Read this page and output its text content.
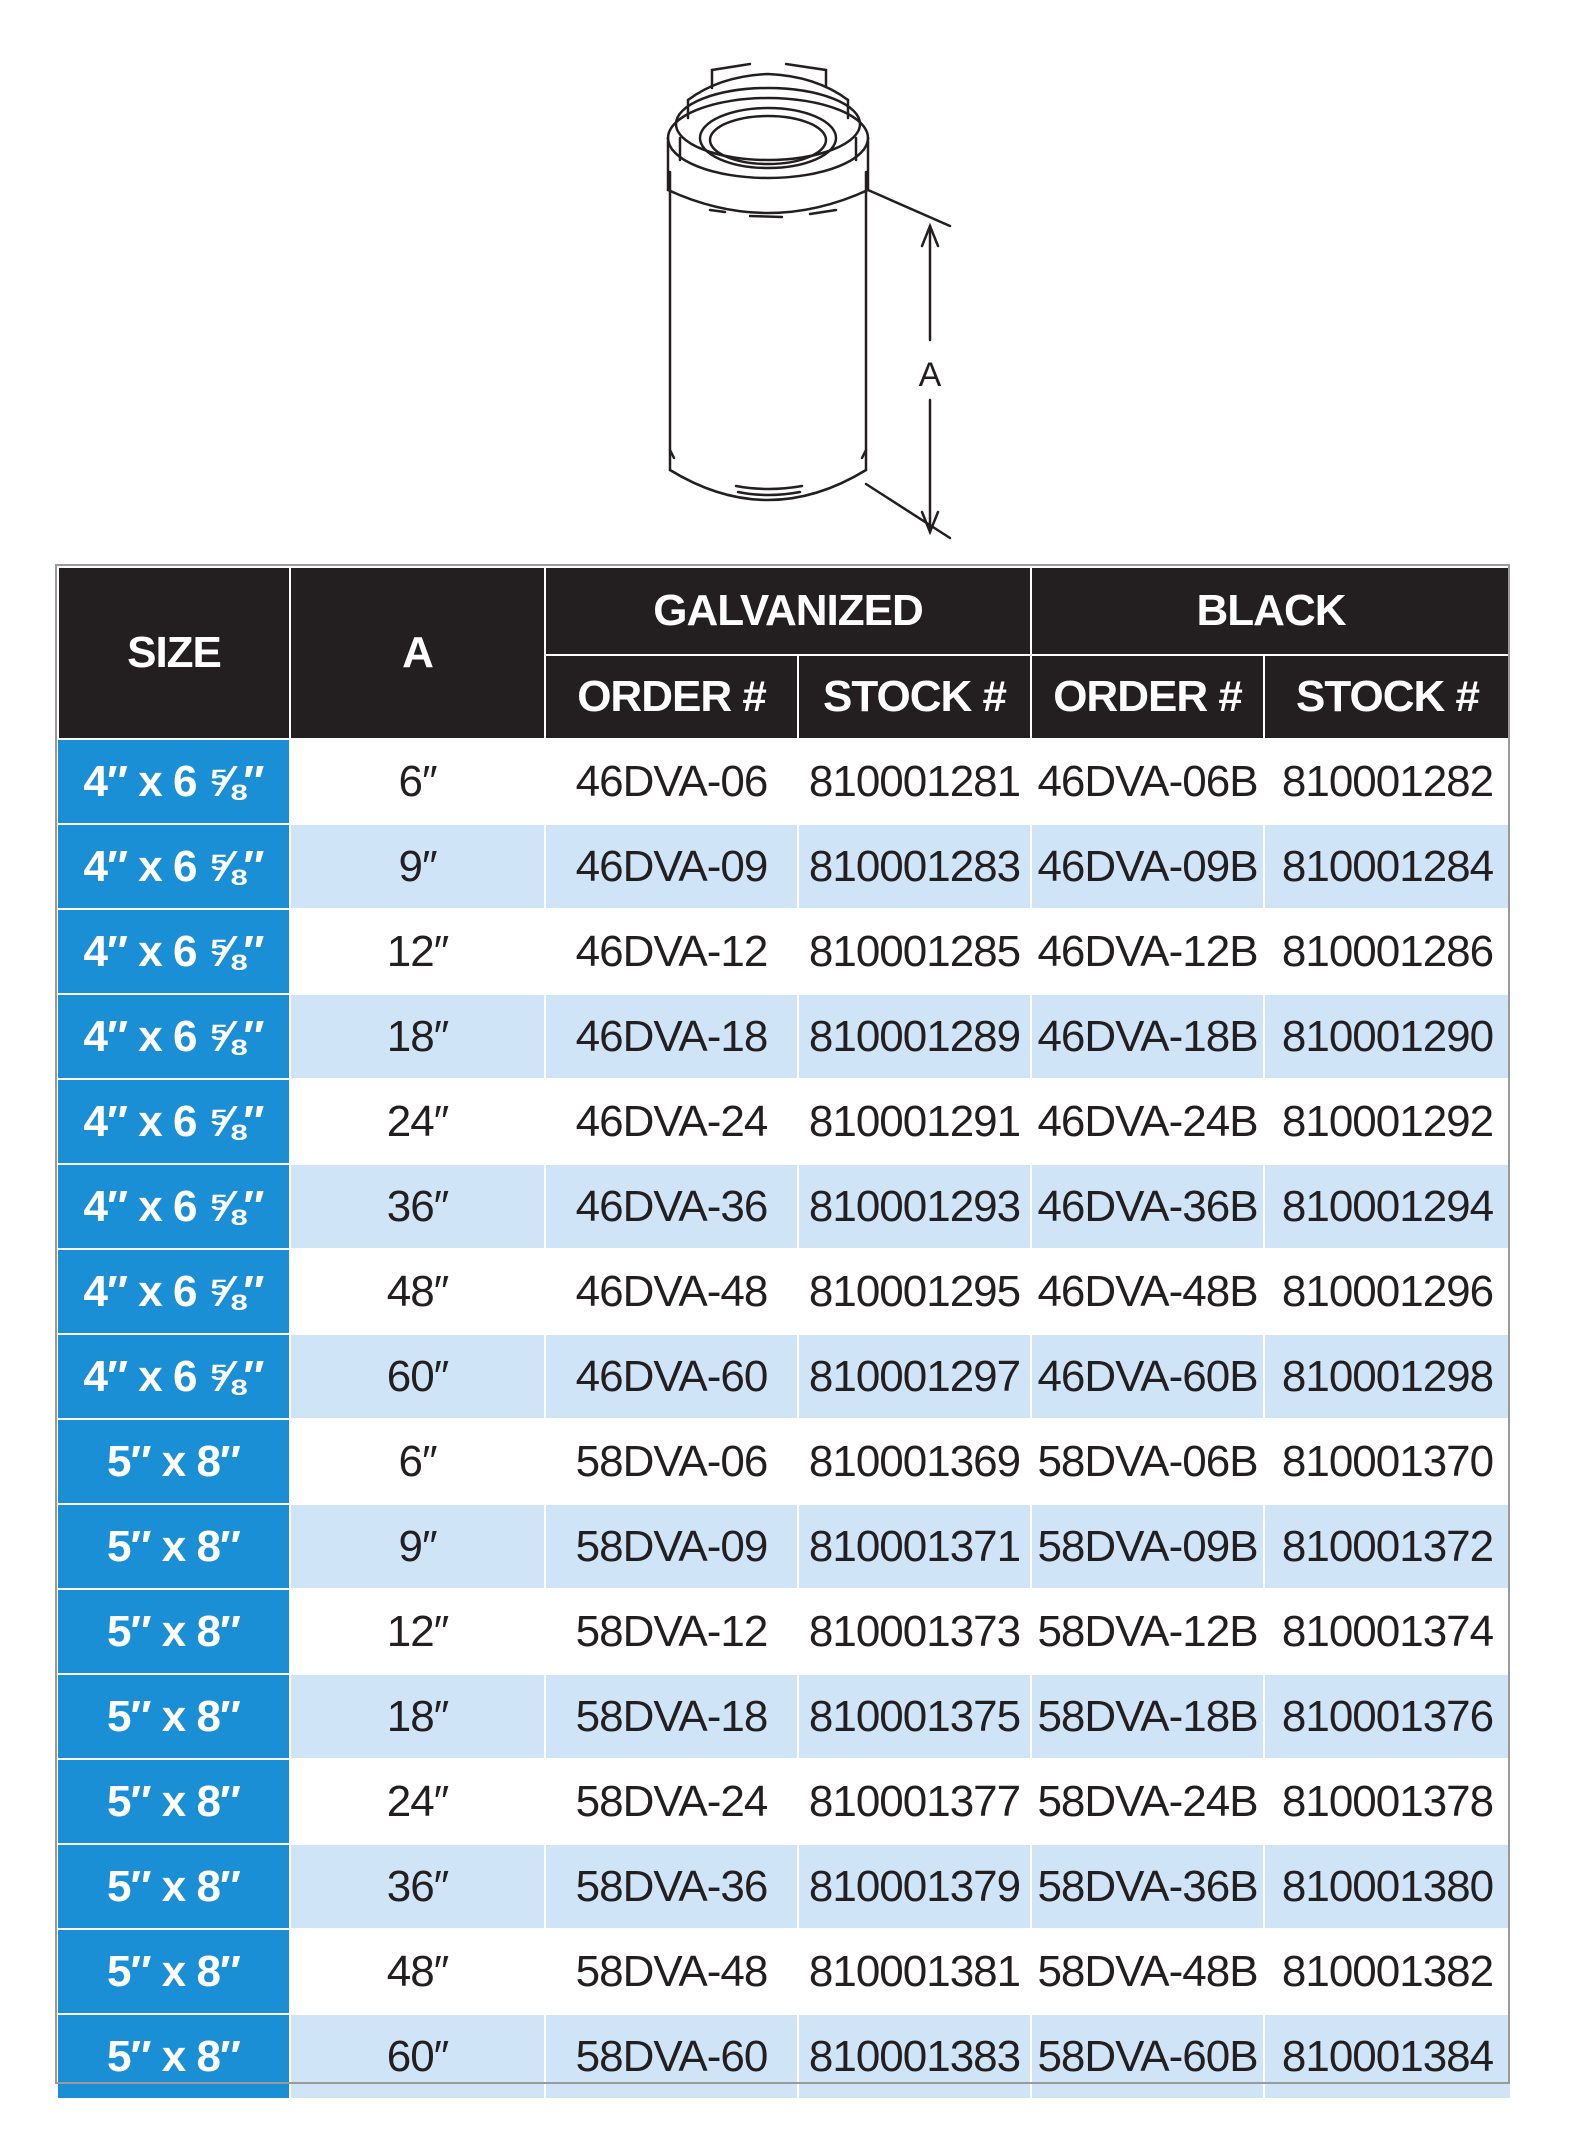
A
SIZE	A	GALVANIZED		BLACK	
		ORDER #	STOCK #	ORDER #	STOCK #
4″ x 6 ⅝″	6″	46DVA-06	810001281	46DVA-06B	810001282
4″ x 6 ⅝″	9″	46DVA-09	810001283	46DVA-09B	810001284
4″ x 6 ⅝″	12″	46DVA-12	810001285	46DVA-12B	810001286
4″ x 6 ⅝″	18″	46DVA-18	810001289	46DVA-18B	810001290
4″ x 6 ⅝″	24″	46DVA-24	810001291	46DVA-24B	810001292
4″ x 6 ⅝″	36″	46DVA-36	810001293	46DVA-36B	810001294
4″ x 6 ⅝″	48″	46DVA-48	810001295	46DVA-48B	810001296
4″ x 6 ⅝″	60″	46DVA-60	810001297	46DVA-60B	810001298
5″ x 8″	6″	58DVA-06	810001369	58DVA-06B	810001370
5″ x 8″	9″	58DVA-09	810001371	58DVA-09B	810001372
5″ x 8″	12″	58DVA-12	810001373	58DVA-12B	810001374
5″ x 8″	18″	58DVA-18	810001375	58DVA-18B	810001376
5″ x 8″	24″	58DVA-24	810001377	58DVA-24B	810001378
5″ x 8″	36″	58DVA-36	810001379	58DVA-36B	810001380
5″ x 8″	48″	58DVA-48	810001381	58DVA-48B	810001382
5″ x 8″	60″	58DVA-60	810001383	58DVA-60B	810001384
